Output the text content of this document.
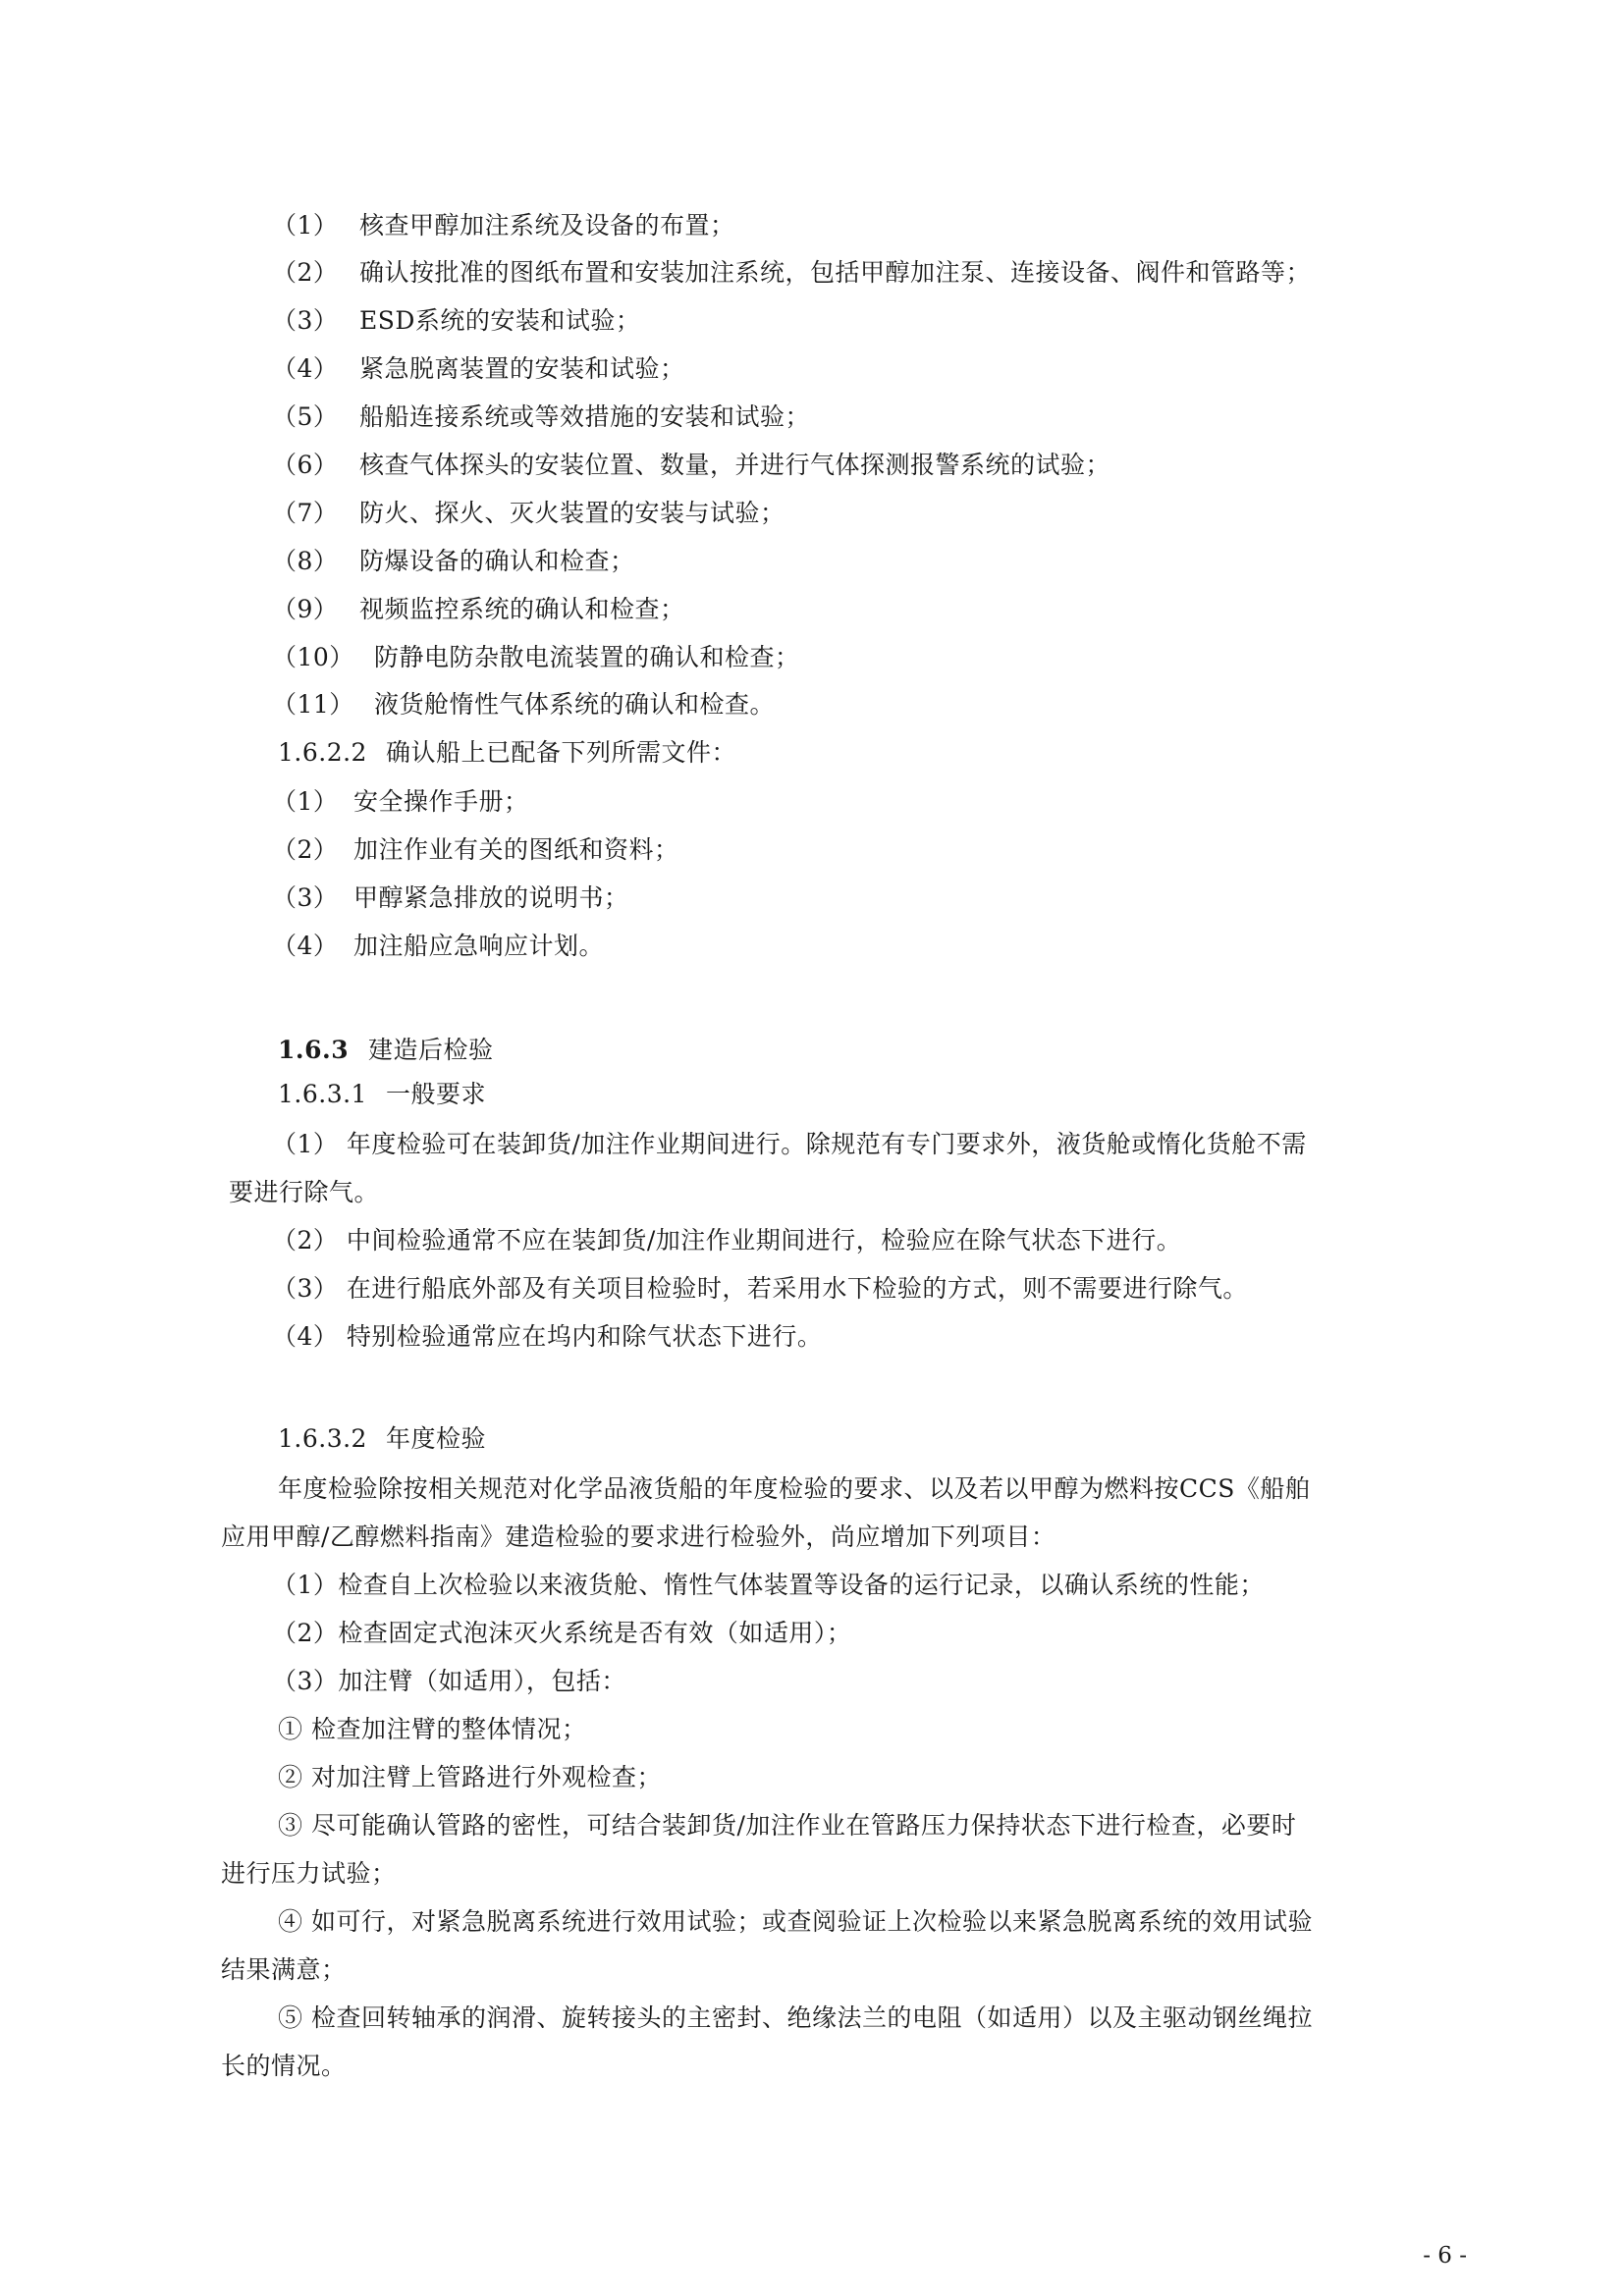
（1） 核查甲醇加注系统及设备的布置；
（2） 确认按批准的图纸布置和安装加注系统，包括甲醇加注泵、连接设备、阀件和管路等；
（3） ESD系统的安装和试验；
（4） 紧急脱离装置的安装和试验；
（5） 船船连接系统或等效措施的安装和试验；
（6） 核查气体探头的安装位置、数量，并进行气体探测报警系统的试验；
（7） 防火、探火、灭火装置的安装与试验；
（8） 防爆设备的确认和检查；
（9） 视频监控系统的确认和检查；
（10） 防静电防杂散电流装置的确认和检查；
（11） 液货舱惰性气体系统的确认和检查。
1.6.2.2 确认船上已配备下列所需文件：
（1） 安全操作手册；
（2） 加注作业有关的图纸和资料；
（3） 甲醇紧急排放的说明书；
（4） 加注船应急响应计划。
1.6.3 建造后检验
1.6.3.1 一般要求
（1） 年度检验可在装卸货/加注作业期间进行。除规范有专门要求外，液货舱或惰化货舱不需
要进行除气。
（2） 中间检验通常不应在装卸货/加注作业期间进行，检验应在除气状态下进行。
（3） 在进行船底外部及有关项目检验时，若采用水下检验的方式，则不需要进行除气。
（4） 特别检验通常应在坞内和除气状态下进行。
1.6.3.2 年度检验
年度检验除按相关规范对化学品液货船的年度检验的要求、以及若以甲醇为燃料按CCS《船舶
应用甲醇/乙醇燃料指南》建造检验的要求进行检验外，尚应增加下列项目：
（1）检查自上次检验以来液货舱、惰性气体装置等设备的运行记录，以确认系统的性能；
（2）检查固定式泡沫灭火系统是否有效（如适用）；
（3）加注臂（如适用），包括：
① 检查加注臂的整体情况；
② 对加注臂上管路进行外观检查；
③ 尽可能确认管路的密性，可结合装卸货/加注作业在管路压力保持状态下进行检查，必要时
进行压力试验；
④ 如可行，对紧急脱离系统进行效用试验；或查阅验证上次检验以来紧急脱离系统的效用试验
结果满意；
⑤ 检查回转轴承的润滑、旋转接头的主密封、绝缘法兰的电阻（如适用）以及主驱动钢丝绳拉
长的情况。
- 6 -
